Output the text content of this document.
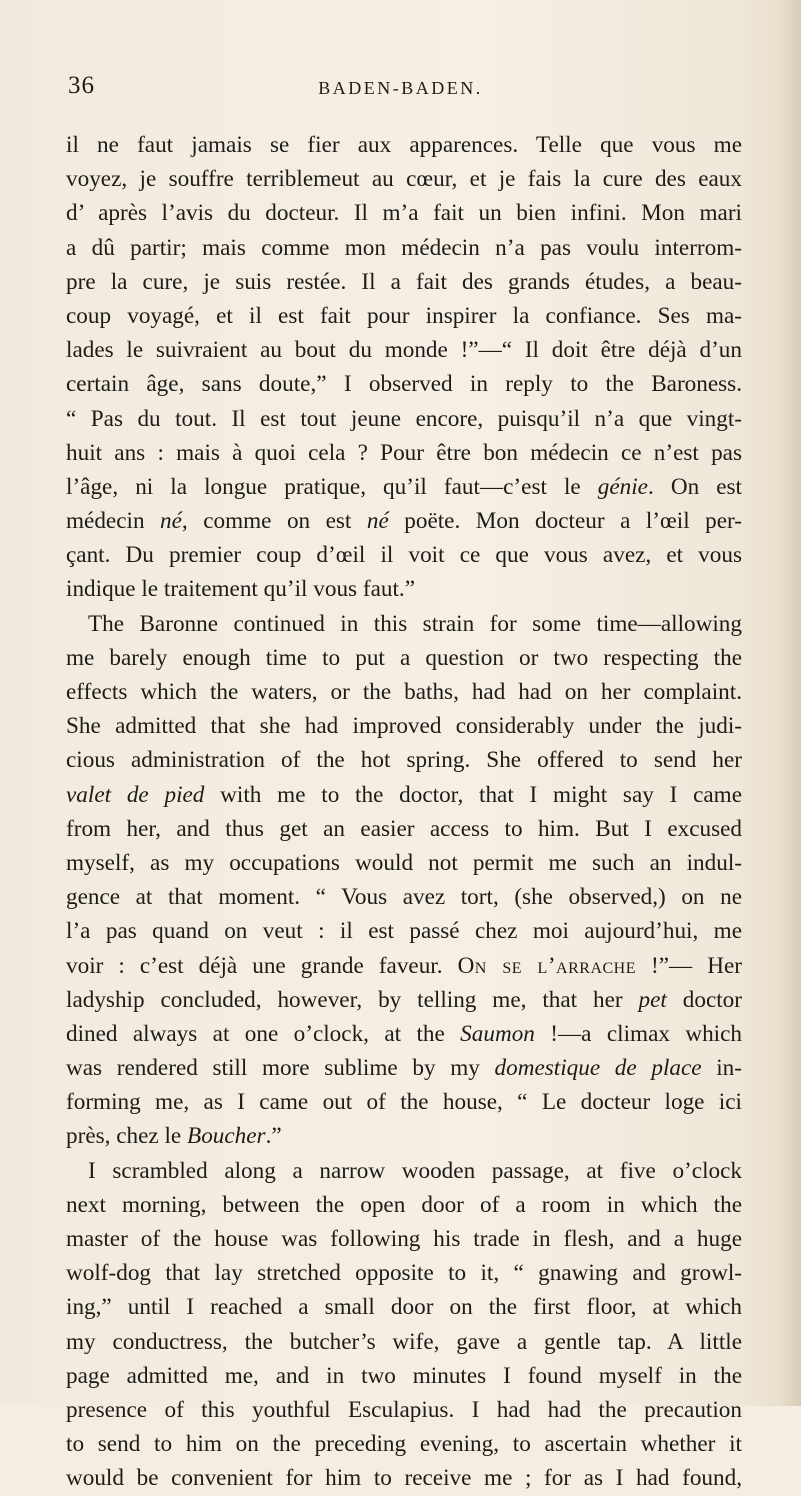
36	BADEN-BADEN.
il ne faut jamais se fier aux apparences. Telle que vous me
voyez, je souffre terriblemeut au cœur, et je fais la cure des eaux
d’ après l’avis du docteur. Il m’a fait un bien infini. Mon mari
a dû partir; mais comme mon médecin n’a pas voulu interrom-
pre la cure, je suis restée. Il a fait des grands études, a beau-
coup voyagé, et il est fait pour inspirer la confiance. Ses ma-
lades le suivraient au bout du monde !”—“ Il doit être déjà d’un
certain âge, sans doute,” I observed in reply to the Baroness.
“ Pas du tout. Il est tout jeune encore, puisqu’il n’a que vingt-
huit ans : mais à quoi cela ? Pour être bon médecin ce n’est pas
l’âge, ni la longue pratique, qu’il faut—c’est le génie. On est
médecin né, comme on est né poëte. Mon docteur a l’œil per-
çant. Du premier coup d’œil il voit ce que vous avez, et vous
indique le traitement qu’il vous faut.”
The Baronne continued in this strain for some time—allowing
me barely enough time to put a question or two respecting the
effects which the waters, or the baths, had had on her complaint.
She admitted that she had improved considerably under the judi-
cious administration of the hot spring. She offered to send her
valet de pied with me to the doctor, that I might say I came
from her, and thus get an easier access to him. But I excused
myself, as my occupations would not permit me such an indul-
gence at that moment. “ Vous avez tort, (she observed,) on ne
l’a pas quand on veut : il est passé chez moi aujourd’hui, me
voir : c’est déjà une grande faveur. On se l’arrache !”— Her
ladyship concluded, however, by telling me, that her pet doctor
dined always at one o’clock, at the Saumon !—a climax which
was rendered still more sublime by my domestique de place in-
forming me, as I came out of the house, “ Le docteur loge ici
près, chez le Boucher.”
I scrambled along a narrow wooden passage, at five o’clock
next morning, between the open door of a room in which the
master of the house was following his trade in flesh, and a huge
wolf-dog that lay stretched opposite to it, “ gnawing and growl-
ing,” until I reached a small door on the first floor, at which
my conductress, the butcher’s wife, gave a gentle tap. A little
page admitted me, and in two minutes I found myself in the
presence of this youthful Esculapius. I had had the precaution
to send to him on the preceding evening, to ascertain whether it
would be convenient for him to receive me ; for as I had found,
